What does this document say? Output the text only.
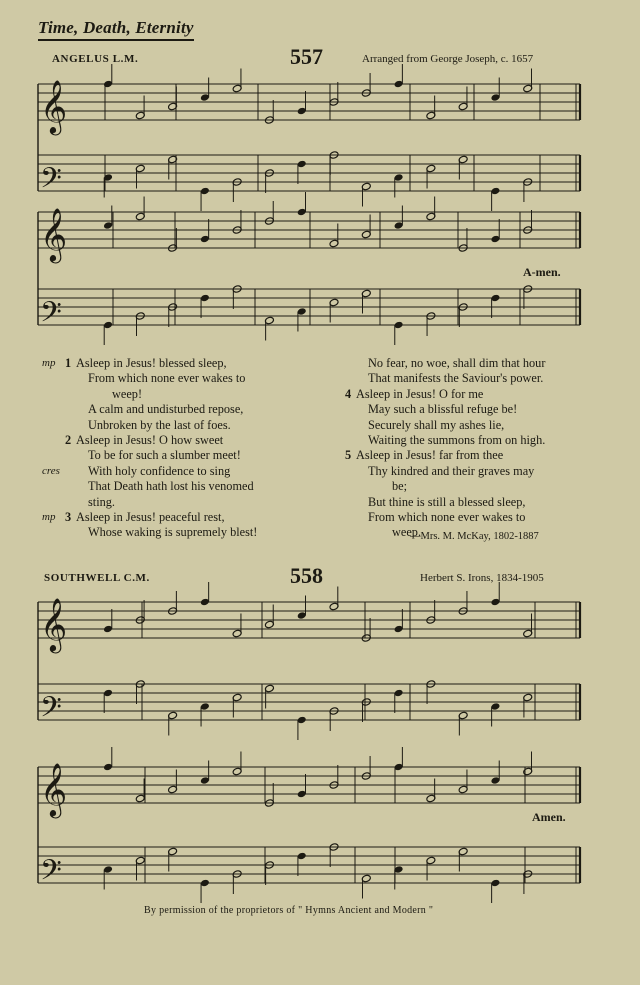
Time, Death, Eternity
ANGELUS L.M.	557	Arranged from George Joseph, c. 1657
𝄞
𝄢
𝄞
𝄢
𝄞
𝄢
𝄞
𝄢
A-men.
mp 1 Asleep in Jesus! blessed sleep,
From which none ever wakes to
weep!
A calm and undisturbed repose,
Unbroken by the last of foes.
2 Asleep in Jesus! O how sweet
To be for such a slumber meet!
cres With holy confidence to sing
That Death hath lost his venomed
sting.
mp 3 Asleep in Jesus! peaceful rest,
Whose waking is supremely blest!
No fear, no woe, shall dim that hour
That manifests the Saviour's power.
4 Asleep in Jesus! O for me
May such a blissful refuge be!
Securely shall my ashes lie,
Waiting the summons from on high.
5 Asleep in Jesus! far from thee
Thy kindred and their graves may
be;
But thine is still a blessed sleep,
From which none ever wakes to
weep.
—Mrs. M. McKay, 1802-1887
SOUTHWELL C.M.	558	Herbert S. Irons, 1834-1905
Amen.
By permission of the proprietors of " Hymns Ancient and Modern "
